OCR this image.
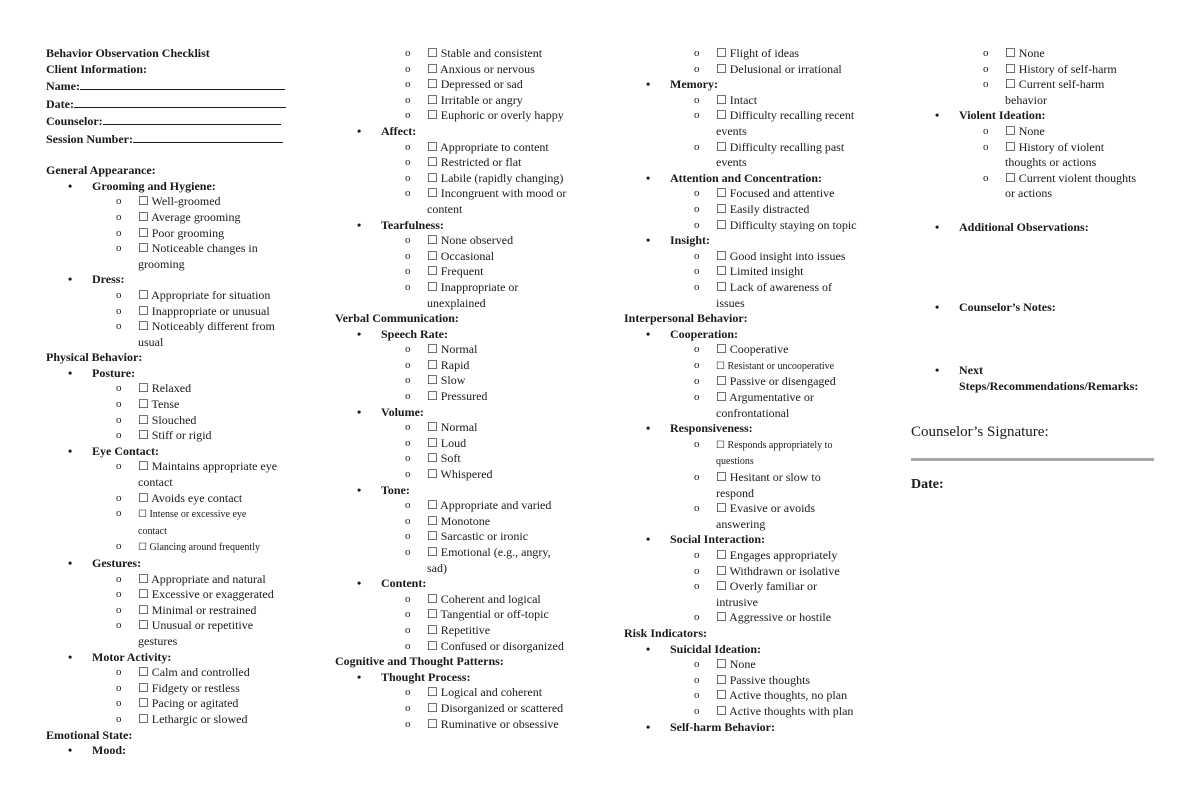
Behavior Observation Checklist
Client Information:
Name:
Date:
Counselor:
Session Number:
General Appearance:
• Grooming and Hygiene:
o ☐ Well-groomed
o ☐ Average grooming
o ☐ Poor grooming
o ☐ Noticeable changes in
grooming
• Dress:
o ☐ Appropriate for situation
o ☐ Inappropriate or unusual
o ☐ Noticeably different from
usual
Physical Behavior:
• Posture:
o ☐ Relaxed
o ☐ Tense
o ☐ Slouched
o ☐ Stiff or rigid
• Eye Contact:
o ☐ Maintains appropriate eye
contact
o ☐ Avoids eye contact
o ☐ Intense or excessive eye
contact
o ☐ Glancing around frequently
• Gestures:
o ☐ Appropriate and natural
o ☐ Excessive or exaggerated
o ☐ Minimal or restrained
o ☐ Unusual or repetitive
gestures
• Motor Activity:
o ☐ Calm and controlled
o ☐ Fidgety or restless
o ☐ Pacing or agitated
o ☐ Lethargic or slowed
Emotional State:
• Mood:
o ☐ Stable and consistent
o ☐ Anxious or nervous
o ☐ Depressed or sad
o ☐ Irritable or angry
o ☐ Euphoric or overly happy
• Affect:
o ☐ Appropriate to content
o ☐ Restricted or flat
o ☐ Labile (rapidly changing)
o ☐ Incongruent with mood or
content
• Tearfulness:
o ☐ None observed
o ☐ Occasional
o ☐ Frequent
o ☐ Inappropriate or
unexplained
Verbal Communication:
• Speech Rate:
o ☐ Normal
o ☐ Rapid
o ☐ Slow
o ☐ Pressured
• Volume:
o ☐ Normal
o ☐ Loud
o ☐ Soft
o ☐ Whispered
• Tone:
o ☐ Appropriate and varied
o ☐ Monotone
o ☐ Sarcastic or ironic
o ☐ Emotional (e.g., angry,
sad)
• Content:
o ☐ Coherent and logical
o ☐ Tangential or off-topic
o ☐ Repetitive
o ☐ Confused or disorganized
Cognitive and Thought Patterns:
• Thought Process:
o ☐ Logical and coherent
o ☐ Disorganized or scattered
o ☐ Ruminative or obsessive
o ☐ Flight of ideas
o ☐ Delusional or irrational
• Memory:
o ☐ Intact
o ☐ Difficulty recalling recent
events
o ☐ Difficulty recalling past
events
• Attention and Concentration:
o ☐ Focused and attentive
o ☐ Easily distracted
o ☐ Difficulty staying on topic
• Insight:
o ☐ Good insight into issues
o ☐ Limited insight
o ☐ Lack of awareness of
issues
Interpersonal Behavior:
• Cooperation:
o ☐ Cooperative
o ☐ Resistant or uncooperative
o ☐ Passive or disengaged
o ☐ Argumentative or
confrontational
• Responsiveness:
o ☐ Responds appropriately to
questions
o ☐ Hesitant or slow to
respond
o ☐ Evasive or avoids
answering
• Social Interaction:
o ☐ Engages appropriately
o ☐ Withdrawn or isolative
o ☐ Overly familiar or
intrusive
o ☐ Aggressive or hostile
Risk Indicators:
• Suicidal Ideation:
o ☐ None
o ☐ Passive thoughts
o ☐ Active thoughts, no plan
o ☐ Active thoughts with plan
• Self-harm Behavior:
o ☐ None
o ☐ History of self-harm
o ☐ Current self-harm
behavior
• Violent Ideation:
o ☐ None
o ☐ History of violent
thoughts or actions
o ☐ Current violent thoughts
or actions
• Additional Observations:
• Counselor’s Notes:
• Next
Steps/Recommendations/Remarks:
Counselor’s Signature:
Date:
